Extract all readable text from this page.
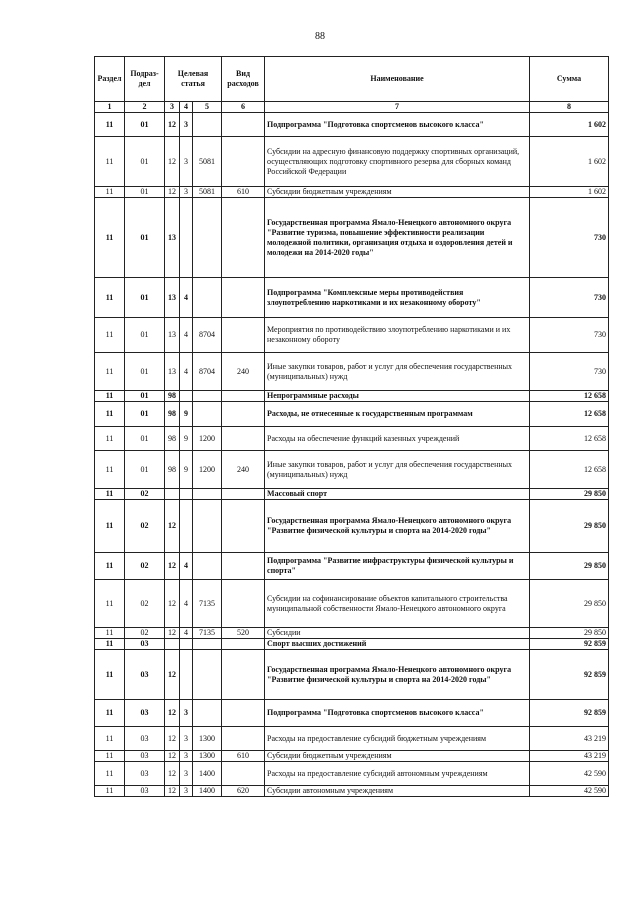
88
Раздел	Подраз-дел	Целевая статья			Вид расходов	Наименование	Сумма
1	2	3	4	5	6	7	8
11	01	12	3			Подпрограмма "Подготовка спортсменов высокого класса"	1 602
11	01	12	3	5081		Субсидии на адресную финансовую поддержку спортивных организаций, осуществляющих подготовку спортивного резерва для сборных команд Российской Федерации	1 602
11	01	12	3	5081	610	Субсидии бюджетным учреждениям	1 602
11	01	13				Государственная программа Ямало-Ненецкого автономного округа "Развитие туризма, повышение эффективности реализации молодежной политики, организация отдыха и оздоровления детей и молодежи на 2014-2020 годы"	730
11	01	13	4			Подпрограмма "Комплексные меры противодействия злоупотреблению наркотиками и их незаконному обороту"	730
11	01	13	4	8704		Мероприятия по противодействию злоупотреблению наркотиками и их незаконному обороту	730
11	01	13	4	8704	240	Иные закупки товаров, работ и услуг для обеспечения государственных (муниципальных) нужд	730
11	01	98				Непрограммные расходы	12 658
11	01	98	9			Расходы, не отнесенные к государственным программам	12 658
11	01	98	9	1200		Расходы на обеспечение функций казенных учреждений	12 658
11	01	98	9	1200	240	Иные закупки товаров, работ и услуг для обеспечения государственных (муниципальных) нужд	12 658
11	02					Массовый спорт	29 850
11	02	12				Государственная программа Ямало-Ненецкого автономного округа "Развитие физической культуры и спорта на 2014-2020 годы"	29 850
11	02	12	4			Подпрограмма "Развитие инфраструктуры физической культуры и спорта"	29 850
11	02	12	4	7135		Субсидии на софинансирование объектов капитального строительства муниципальной собственности Ямало-Ненецкого автономного округа	29 850
11	02	12	4	7135	520	Субсидии	29 850
11	03					Спорт высших достижений	92 859
11	03	12				Государственная программа Ямало-Ненецкого автономного округа "Развитие физической культуры и спорта на 2014-2020 годы"	92 859
11	03	12	3			Подпрограмма "Подготовка спортсменов высокого класса"	92 859
11	03	12	3	1300		Расходы на предоставление субсидий бюджетным учреждениям	43 219
11	03	12	3	1300	610	Субсидии бюджетным учреждениям	43 219
11	03	12	3	1400		Расходы на предоставление субсидий автономным учреждениям	42 590
11	03	12	3	1400	620	Субсидии автономным учреждениям	42 590
